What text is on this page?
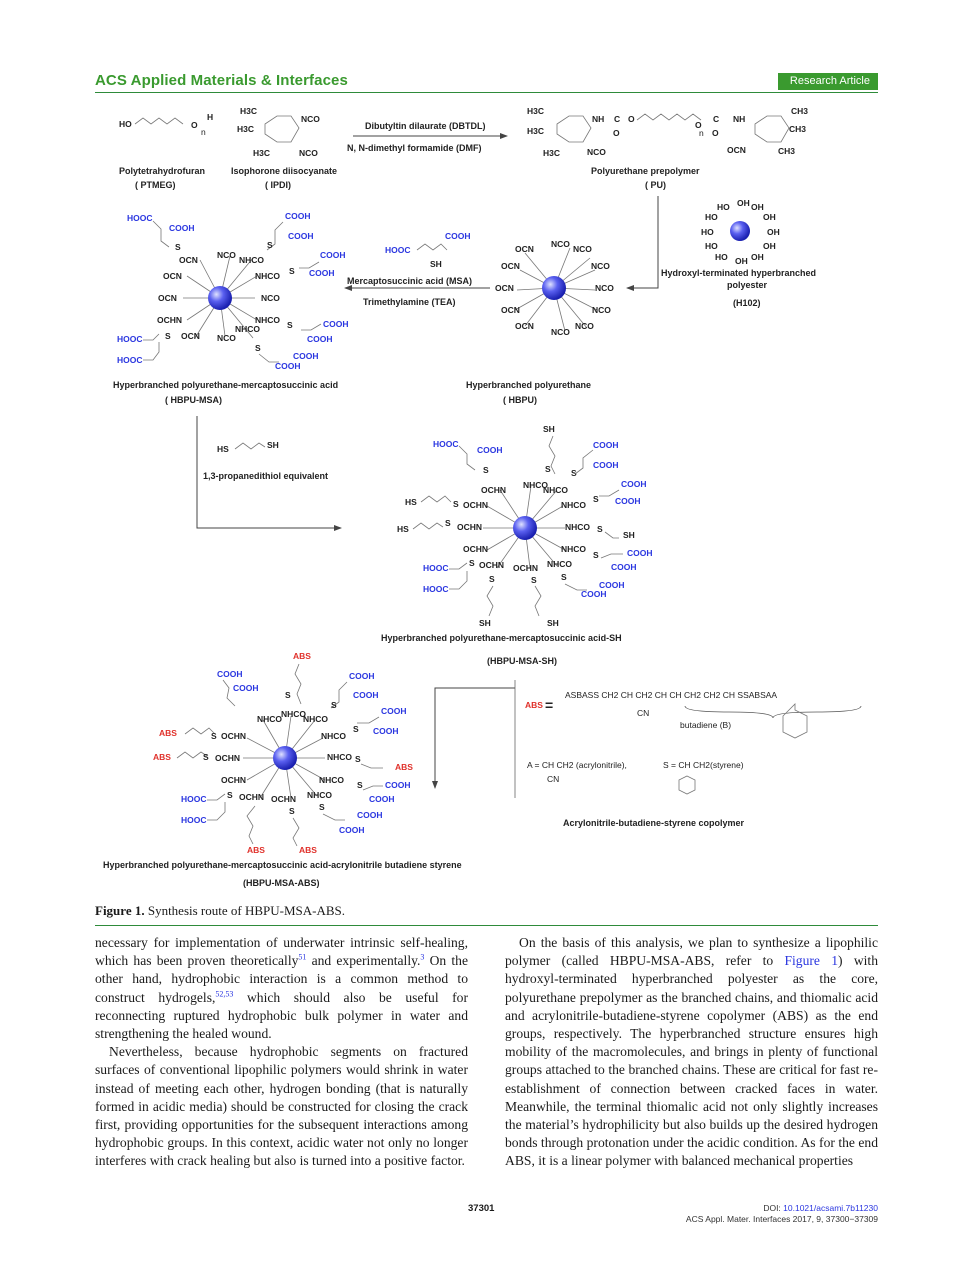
ACS Applied Materials & Interfaces	Research Article
HO	O
H
n
Polytetrahydrofuran
( PTMEG)
H3C
H3C
H3C
NCO
NCO
Isophorone diisocyanate
( IPDI)
Dibutyltin dilaurate (DBTDL)
N, N-dimethyl formamide (DMF)
H3C
H3C
H3C
NH C
O
O
O
n
C
O
NH
CH3
CH3
CH3
OCN
NCO
Polyurethane prepolymer
( PU)
HO OH OH
HO	OH
HO	OH
HO	OH
HO OH OH
Hydroxyl-terminated hyperbranched
polyester
(H102)
OCN NCO NCO
OCN	NCO
OCN	NCO
OCN	NCO
OCN
NCO
NCO
Hyperbranched polyurethane
( HBPU)
HOOC
COOH
SH
Mercaptosuccinic acid (MSA)
Trimethylamine (TEA)
HOOC
COOH
S
COOH
COOH
S
COOH
COOH
S
OCN NCO NHCO
OCN	NHCO
OCN	NCO
OCHN	NHCO
NHCO	S
S OCN NCO
COOH
COOH
HOOC
HOOC
S
COOH
COOH
Hyperbranched polyurethane-mercaptosuccinic acid
( HBPU-MSA)
HS	SH
1,3-propanedithiol equivalent
SH
HOOC
COOH
S	S S
COOH
COOH
COOH
COOH
S
OCHN NHCO
NHCO
HS	S OCHN	NHCO
HS
S OCHN	NHCO S
SH
OCHN	NHCO
S	COOH
COOH
S OCHN OCHN NHCO
HOOC
HOOC
S	S	S
COOH
COOH
SH	SH
Hyperbranched polyurethane-mercaptosuccinic acid-SH
(HBPU-MSA-SH)
ABS =
ASBASS CH2 CH CH2 CH CH CH2 CH2 CH SSABSAA
CN
butadiene (B)
A = CH CH2 (acrylonitrile),
CN
S = CH CH2(styrene)
Acrylonitrile-butadiene-styrene copolymer
ABS
COOH
COOH
S
COOH
COOH
S
COOH
COOH
S
NHCO
NHCO
NHCO
ABS	S OCHN	NHCO
ABS	S OCHN	NHCO S
ABS
OCHN	NHCO S	COOH
COOH
S OCHN OCHN NHCO
HOOC
HOOC
S	S
COOH
COOH
ABS	ABS
Hyperbranched polyurethane-mercaptosuccinic acid-acrylonitrile butadiene styrene
(HBPU-MSA-ABS)
Figure 1. Synthesis route of HBPU-MSA-ABS.

necessary for implementation of underwater intrinsic self-healing, which has been proven theoretically$^{51}$ and experimentally.$^3$ On the other hand, hydrophobic interaction is a common method to construct hydrogels,$^{52,53}$ which should also be useful for reconnecting ruptured hydrophobic bulk polymer in water and strengthening the healed wound.

Nevertheless, because hydrophobic segments on fractured surfaces of conventional lipophilic polymers would shrink in water instead of meeting each other, hydrogen bonding (that is naturally formed in acidic media) should be constructed for closing the crack first, providing opportunities for the subsequent interactions among hydrophobic groups. In this context, acidic water not only no longer interferes with crack healing but also is turned into a positive factor.

On the basis of this analysis, we plan to synthesize a lipophilic polymer (called HBPU-MSA-ABS, refer to Figure 1) with hydroxyl-terminated hyperbranched polyester as the core, polyurethane prepolymer as the branched chains, and thiomalic acid and acrylonitrile-butadiene-styrene copolymer (ABS) as the end groups, respectively. The hyperbranched structure ensures high mobility of the macromolecules, and brings in plenty of functional groups attached to the branched chains. These are critical for fast re-establishment of connection between cracked faces in water. Meanwhile, the terminal thiomalic acid not only slightly increases the material’s hydrophilicity but also builds up the desired hydrogen bonds through protonation under the acidic condition. As for the end ABS, it is a linear polymer with balanced mechanical properties

37301	DOI: 10.1021/acsami.7b11230
ACS Appl. Mater. Interfaces 2017, 9, 37300−37309
